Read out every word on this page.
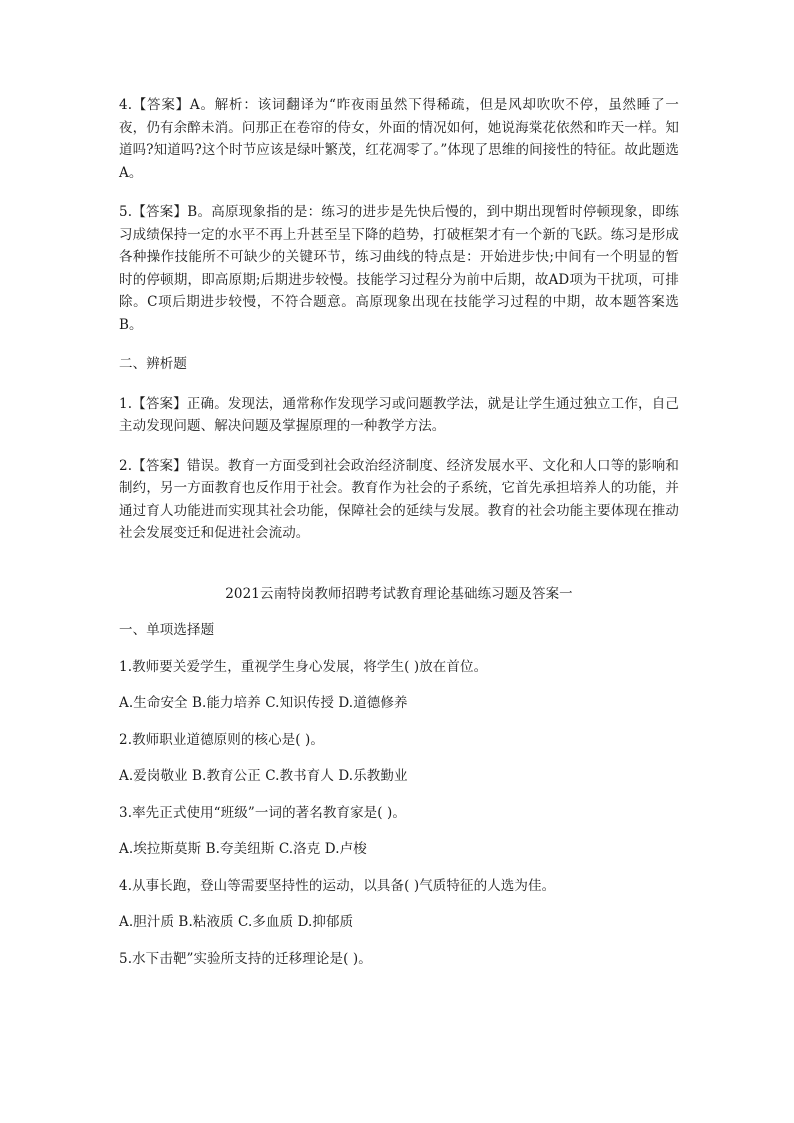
4.【答案】A。解析：该词翻译为“昨夜雨虽然下得稀疏，但是风却吹吹不停，虽然睡了一夜，仍有余醉未消。问那正在卷帘的侍女，外面的情况如何，她说海棠花依然和昨天一样。知道吗?知道吗?这个时节应该是绿叶繁茂，红花凋零了。”体现了思维的间接性的特征。故此题选A。

5.【答案】B。高原现象指的是：练习的进步是先快后慢的，到中期出现暂时停顿现象，即练习成绩保持一定的水平不再上升甚至呈下降的趋势，打破框架才有一个新的飞跃。练习是形成各种操作技能所不可缺少的关键环节，练习曲线的特点是：开始进步快;中间有一个明显的暂时的停顿期，即高原期;后期进步较慢。技能学习过程分为前中后期，故AD项为干扰项，可排除。C项后期进步较慢，不符合题意。高原现象出现在技能学习过程的中期，故本题答案选B。

二、辨析题

1.【答案】正确。发现法，通常称作发现学习或问题教学法，就是让学生通过独立工作，自己主动发现问题、解决问题及掌握原理的一种教学方法。

2.【答案】错误。教育一方面受到社会政治经济制度、经济发展水平、文化和人口等的影响和制约，另一方面教育也反作用于社会。教育作为社会的子系统，它首先承担培养人的功能，并通过育人功能进而实现其社会功能，保障社会的延续与发展。教育的社会功能主要体现在推动社会发展变迁和促进社会流动。

2021云南特岗教师招聘考试教育理论基础练习题及答案一

一、单项选择题

1.教师要关爱学生，重视学生身心发展，将学生( )放在首位。

A.生命安全 B.能力培养 C.知识传授 D.道德修养

2.教师职业道德原则的核心是( )。

A.爱岗敬业 B.教育公正 C.教书育人 D.乐教勤业

3.率先正式使用“班级”一词的著名教育家是( )。

A.埃拉斯莫斯 B.夸美纽斯 C.洛克 D.卢梭

4.从事长跑，登山等需要坚持性的运动，以具备( )气质特征的人选为佳。

A.胆汁质 B.粘液质 C.多血质 D.抑郁质

5.水下击靶”实验所支持的迁移理论是( )。
